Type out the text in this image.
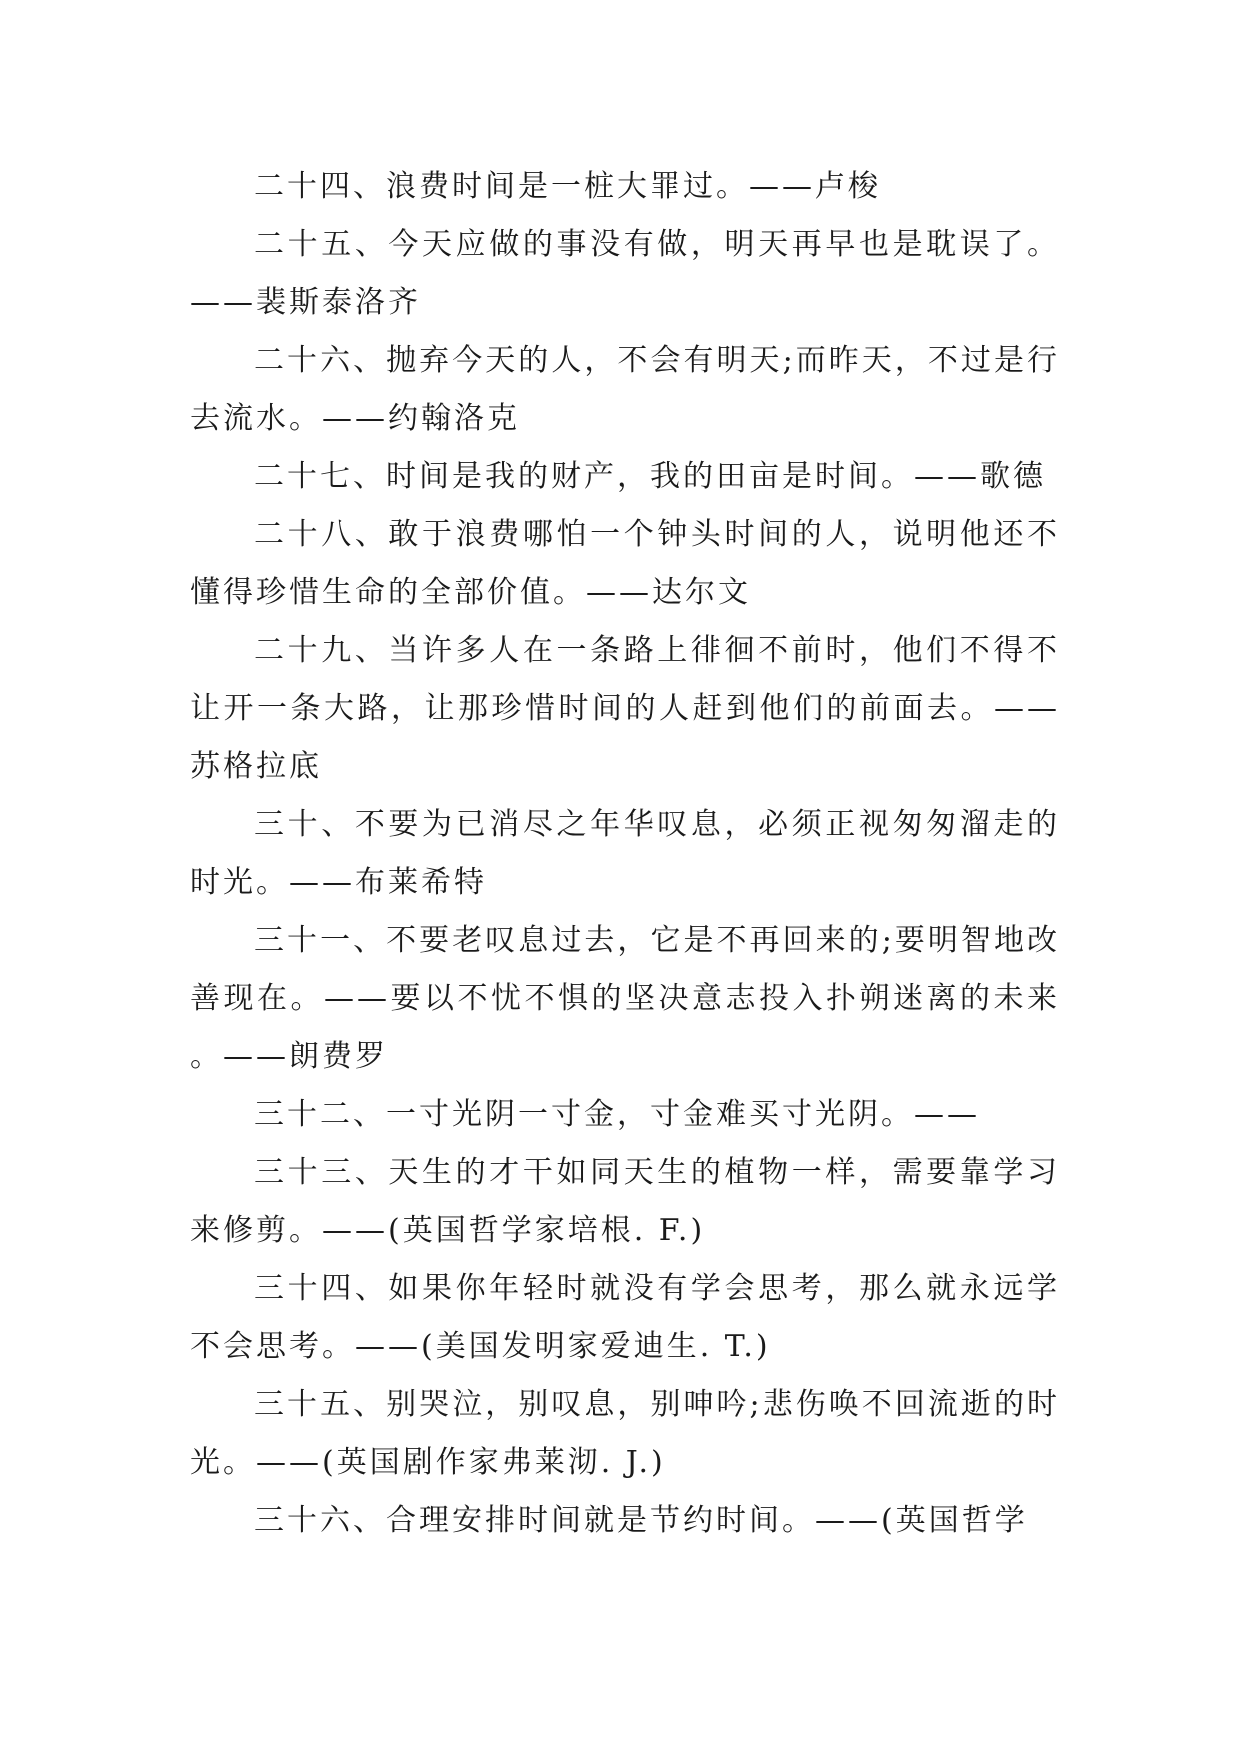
二十四、浪费时间是一桩大罪过。——卢梭

二十五、今天应做的事没有做，明天再早也是耽误了。——裴斯泰洛齐

二十六、抛弃今天的人，不会有明天;而昨天，不过是行去流水。——约翰洛克

二十七、时间是我的财产，我的田亩是时间。——歌德

二十八、敢于浪费哪怕一个钟头时间的人，说明他还不懂得珍惜生命的全部价值。——达尔文

二十九、当许多人在一条路上徘徊不前时，他们不得不让开一条大路，让那珍惜时间的人赶到他们的前面去。——苏格拉底

三十、不要为已消尽之年华叹息，必须正视匆匆溜走的时光。——布莱希特

三十一、不要老叹息过去，它是不再回来的;要明智地改善现在。——要以不忧不惧的坚决意志投入扑朔迷离的未来。——朗费罗

三十二、一寸光阴一寸金，寸金难买寸光阴。——

三十三、天生的才干如同天生的植物一样，需要靠学习来修剪。——(英国哲学家培根. F.)

三十四、如果你年轻时就没有学会思考，那么就永远学不会思考。——(美国发明家爱迪生. T.)

三十五、别哭泣，别叹息，别呻吟;悲伤唤不回流逝的时光。——(英国剧作家弗莱沏. J.)

三十六、合理安排时间就是节约时间。——(英国哲学
